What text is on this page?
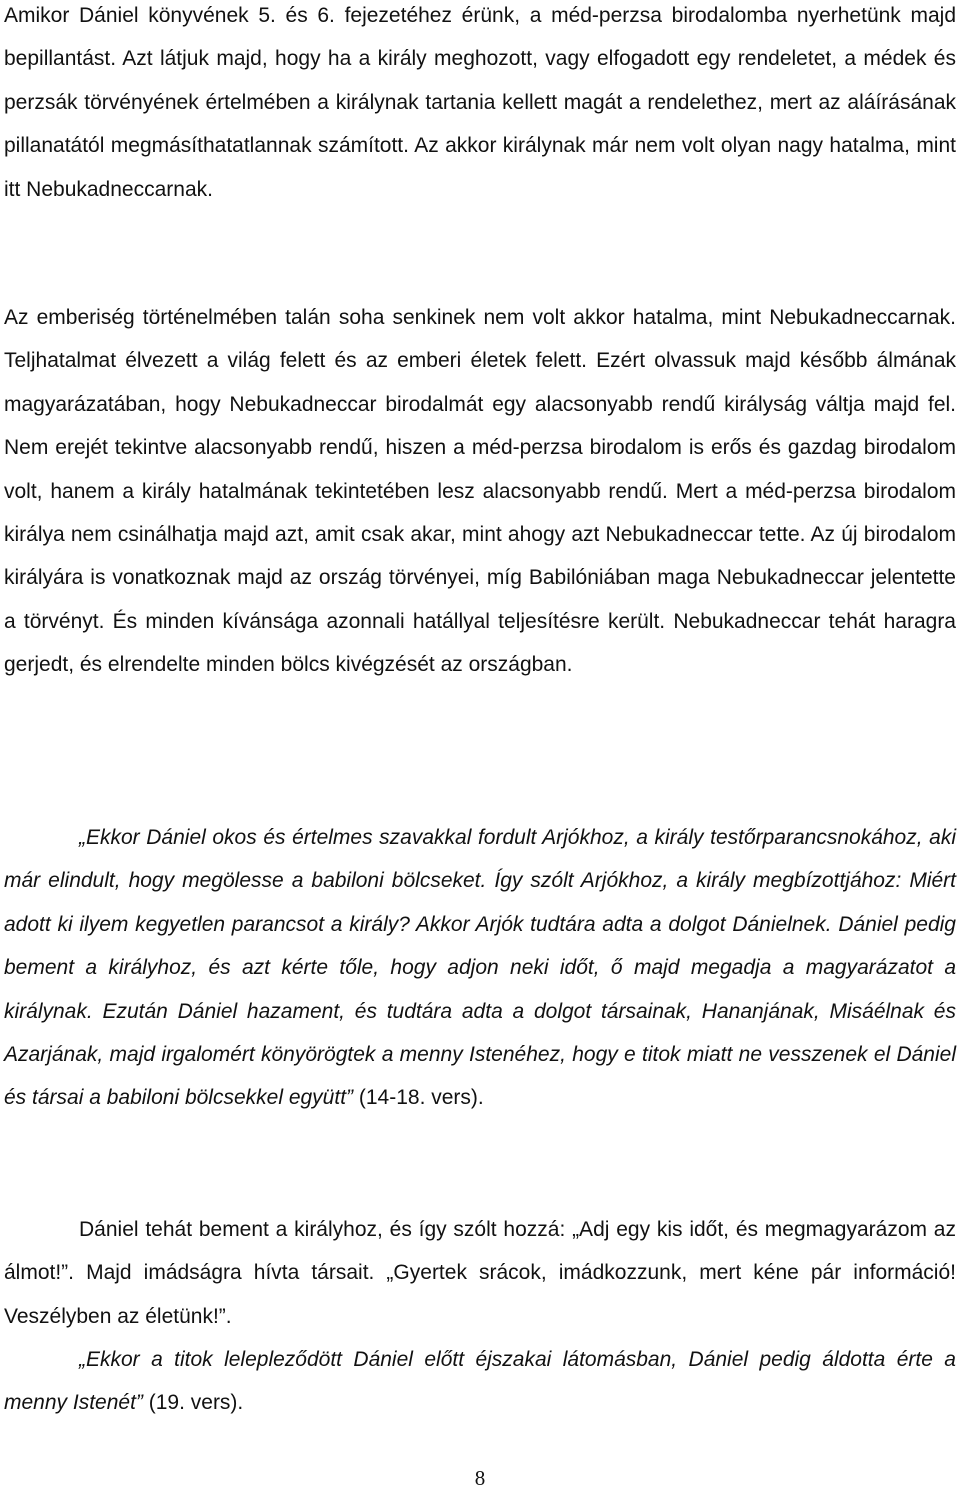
Amikor Dániel könyvének 5. és 6. fejezetéhez érünk, a méd-perzsa birodalomba nyerhetünk majd bepillantást. Azt látjuk majd, hogy ha a király meghozott, vagy elfogadott egy rendeletet, a médek és perzsák törvényének értelmében a királynak tartania kellett magát a rendelethez, mert az aláírásának pillanatától megmásíthatatlannak számított. Az akkor királynak már nem volt olyan nagy hatalma, mint itt Nebukadneccarnak.

Az emberiség történelmében talán soha senkinek nem volt akkor hatalma, mint Nebukadneccarnak. Teljhatalmat élvezett a világ felett és az emberi életek felett. Ezért olvassuk majd később álmának magyarázatában, hogy Nebukadneccar birodalmát egy alacsonyabb rendű királyság váltja majd fel. Nem erejét tekintve alacsonyabb rendű, hiszen a méd-perzsa birodalom is erős és gazdag birodalom volt, hanem a király hatalmának tekintetében lesz alacsonyabb rendű. Mert a méd-perzsa birodalom királya nem csinálhatja majd azt, amit csak akar, mint ahogy azt Nebukadneccar tette. Az új birodalom királyára is vonatkoznak majd az ország törvényei, míg Babilóniában maga Nebukadneccar jelentette a törvényt. És minden kívánsága azonnali hatállyal teljesítésre került. Nebukadneccar tehát haragra gerjedt, és elrendelte minden bölcs kivégzését az országban.

„Ekkor Dániel okos és értelmes szavakkal fordult Arjókhoz, a király testőrparancsnokához, aki már elindult, hogy megölesse a babiloni bölcseket. Így szólt Arjókhoz, a király megbízottjához: Miért adott ki ilyem kegyetlen parancsot a király? Akkor Arjók tudtára adta a dolgot Dánielnek. Dániel pedig bement a királyhoz, és azt kérte tőle, hogy adjon neki időt, ő majd megadja a magyarázatot a királynak. Ezután Dániel hazament, és tudtára adta a dolgot társainak, Hananjának, Misáélnak és Azarjának, majd irgalomért könyörögtek a menny Istenéhez, hogy e titok miatt ne vesszenek el Dániel és társai a babiloni bölcsekkel együtt” (14-18. vers).

Dániel tehát bement a királyhoz, és így szólt hozzá: „Adj egy kis időt, és megmagyarázom az álmot!”. Majd imádságra hívta társait. „Gyertek srácok, imádkozzunk, mert kéne pár információ! Veszélyben az életünk!”.

„Ekkor a titok lelepleződött Dániel előtt éjszakai látomásban, Dániel pedig áldotta érte a menny Istenét” (19. vers).

8
